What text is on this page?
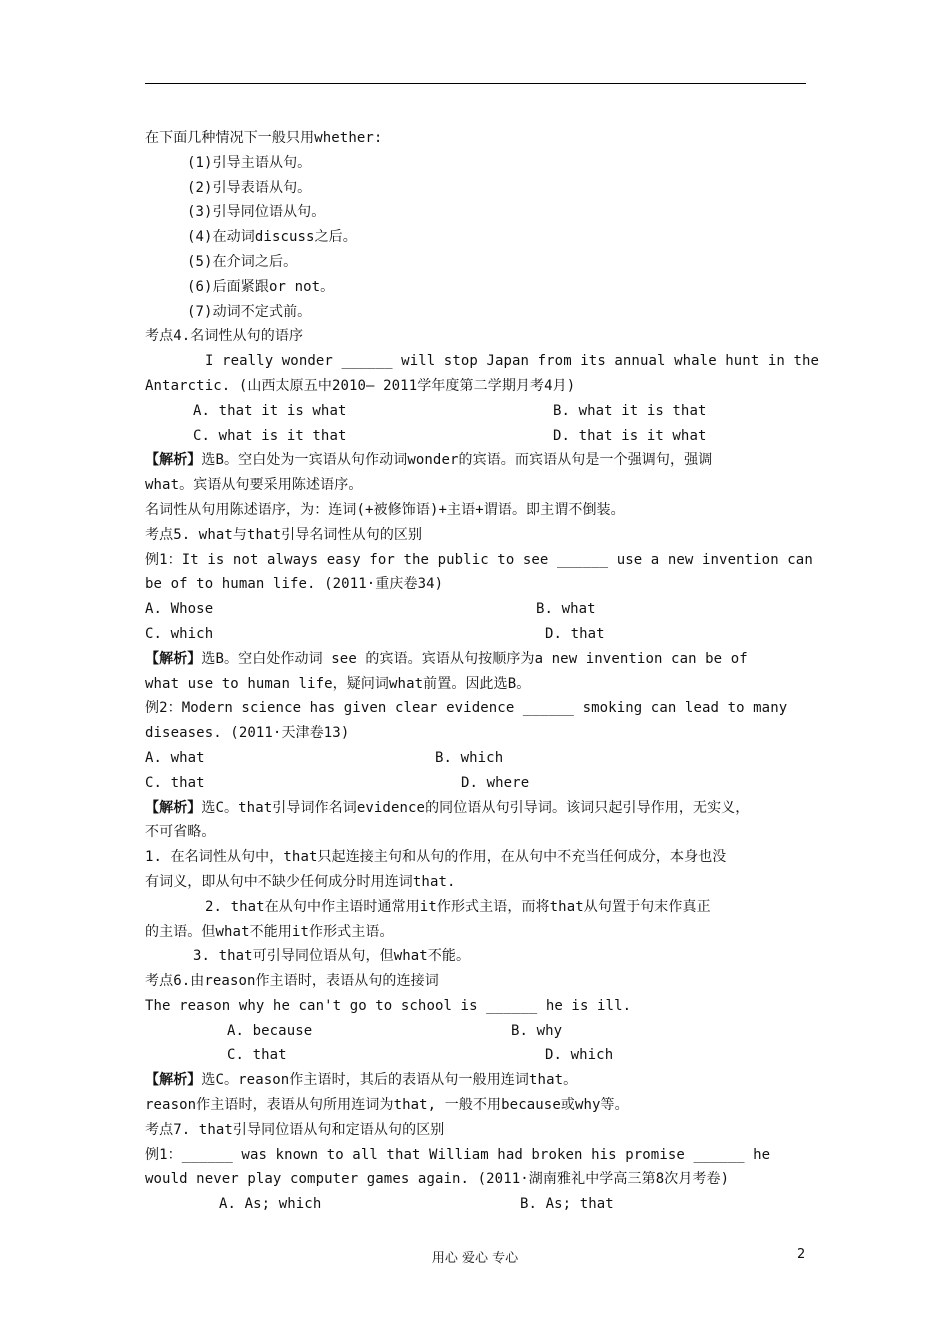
在下面几种情况下一般只用whether:
(1)引导主语从句。
(2)引导表语从句。
(3)引导同位语从句。
(4)在动词discuss之后。
(5)在介词之后。
(6)后面紧跟or not。
(7)动词不定式前。
考点4.名词性从句的语序
I really wonder ______ will stop Japan from its annual whale hunt in the
Antarctic. (山西太原五中2010— 2011学年度第二学期月考4月)

A. that it is what

	B. what it is that

C. what is it that

	D. that is it what

【解析】选B。空白处为一宾语从句作动词wonder的宾语。而宾语从句是一个强调句，强调
what。宾语从句要采用陈述语序。
名词性从句用陈述语序，为：连词(+被修饰语)+主语+谓语。即主谓不倒装。
考点5. what与that引导名词性从句的区别
例1：It is not always easy for the public to see ______ use a new invention can
be of to human life. (2011·重庆卷34)

A. Whose

	B. what

C. which

	D. that

【解析】选B。空白处作动词 see 的宾语。宾语从句按顺序为a new invention can be of
what use to human life，疑问词what前置。因此选B。
例2：Modern science has given clear evidence ______ smoking can lead to many
diseases. (2011·天津卷13)

A. what

	B. which

C. that

	D. where

【解析】选C。that引导词作名词evidence的同位语从句引导词。该词只起引导作用，无实义，
不可省略。
1. 在名词性从句中，that只起连接主句和从句的作用，在从句中不充当任何成分，本身也没
有词义，即从句中不缺少任何成分时用连词that.
2. that在从句中作主语时通常用it作形式主语，而将that从句置于句末作真正
的主语。但what不能用it作形式主语。
3. that可引导同位语从句，但what不能。
考点6.由reason作主语时，表语从句的连接词
The reason why he can't go to school is ______ he is ill.

A. because

	B. why

C. that

	D. which

【解析】选C。reason作主语时，其后的表语从句一般用连词that。
reason作主语时，表语从句所用连词为that, 一般不用because或why等。
考点7. that引导同位语从句和定语从句的区别
例1：______ was known to all that William had broken his promise ______ he
would never play computer games again. (2011·湖南雅礼中学高三第8次月考卷)

A. As; which

	B. As; that

用心 爱心 专心	2
